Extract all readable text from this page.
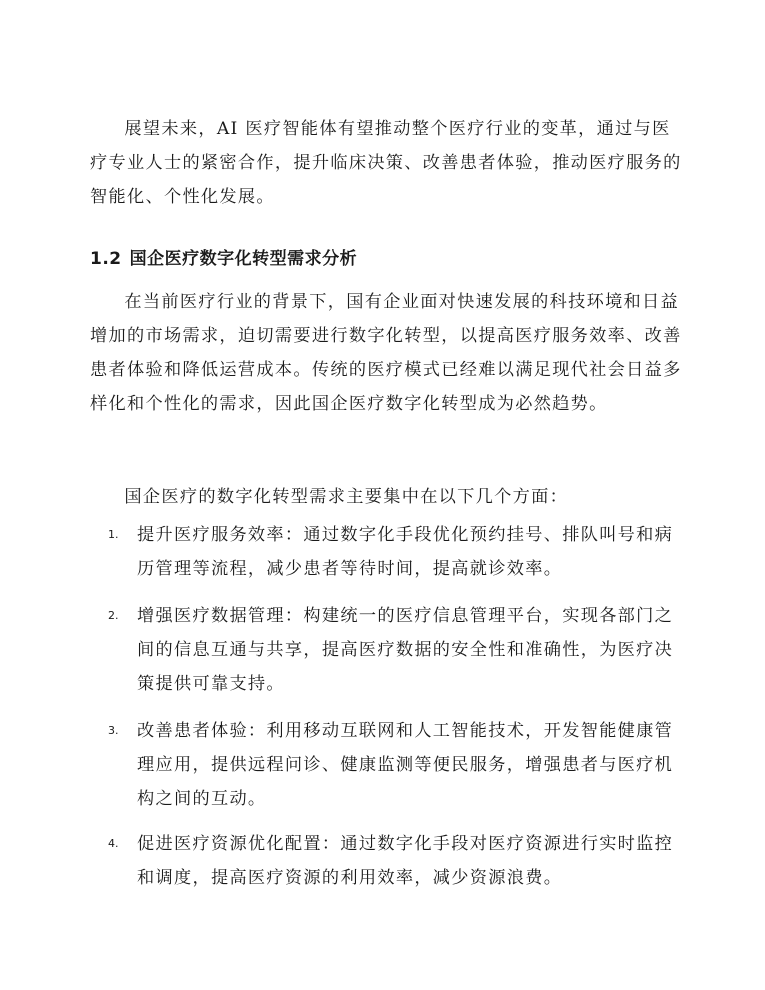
展望未来，AI 医疗智能体有望推动整个医疗行业的变革，通过与医疗专业人士的紧密合作，提升临床决策、改善患者体验，推动医疗服务的智能化、个性化发展。

1.2 国企医疗数字化转型需求分析

在当前医疗行业的背景下，国有企业面对快速发展的科技环境和日益增加的市场需求，迫切需要进行数字化转型，以提高医疗服务效率、改善患者体验和降低运营成本。传统的医疗模式已经难以满足现代社会日益多样化和个性化的需求，因此国企医疗数字化转型成为必然趋势。

国企医疗的数字化转型需求主要集中在以下几个方面：

1. 提升医疗服务效率：通过数字化手段优化预约挂号、排队叫号和病历管理等流程，减少患者等待时间，提高就诊效率。
2. 增强医疗数据管理：构建统一的医疗信息管理平台，实现各部门之间的信息互通与共享，提高医疗数据的安全性和准确性，为医疗决策提供可靠支持。
3. 改善患者体验：利用移动互联网和人工智能技术，开发智能健康管理应用，提供远程问诊、健康监测等便民服务，增强患者与医疗机构之间的互动。
4. 促进医疗资源优化配置：通过数字化手段对医疗资源进行实时监控和调度，提高医疗资源的利用效率，减少资源浪费。
